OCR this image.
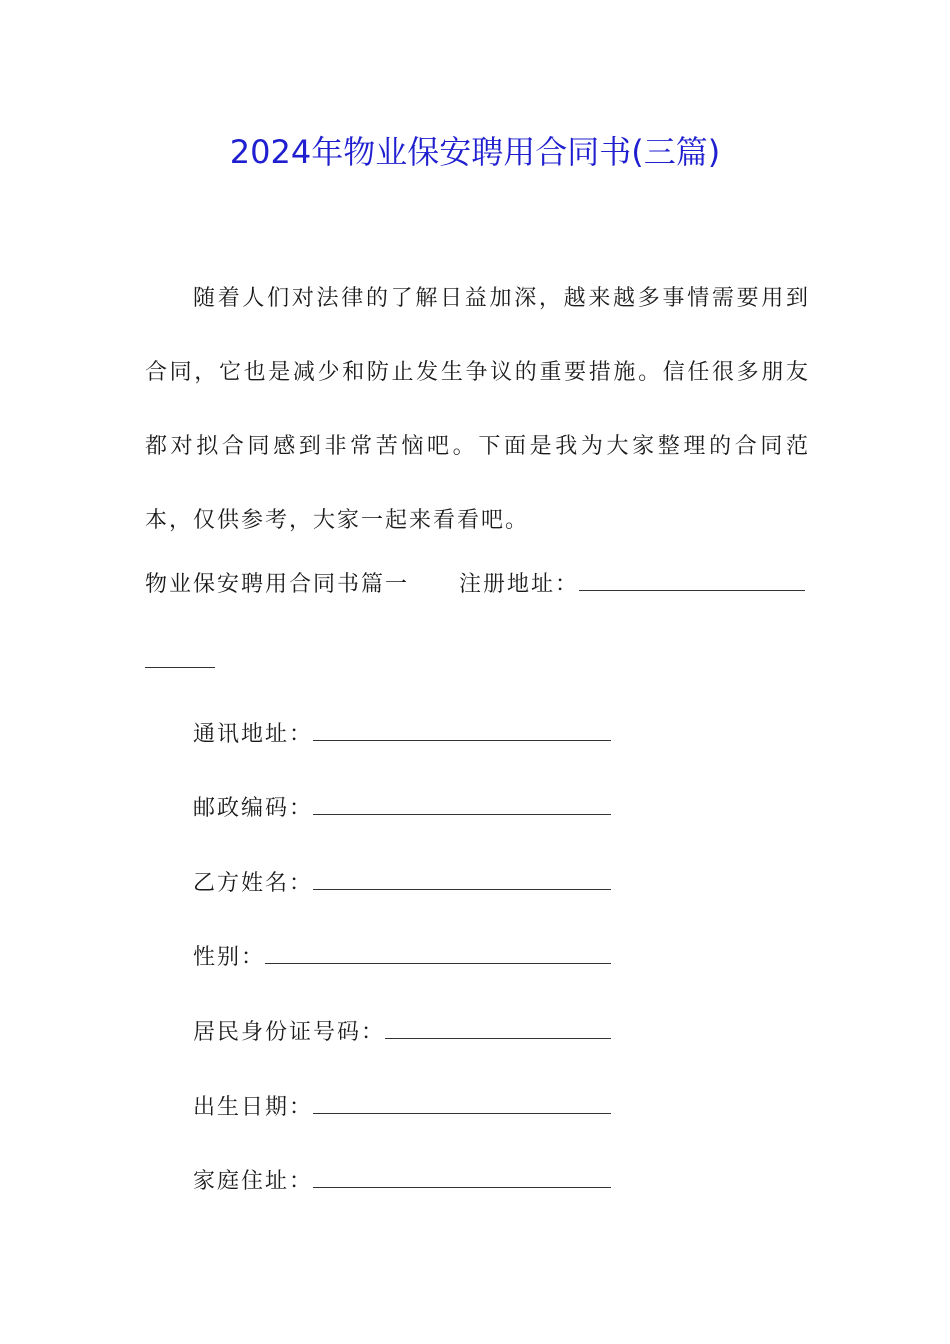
2024年物业保安聘用合同书(三篇)
随着人们对法律的了解日益加深，越来越多事情需要用到合同，它也是减少和防止发生争议的重要措施。信任很多朋友都对拟合同感到非常苦恼吧。下面是我为大家整理的合同范本，仅供参考，大家一起来看看吧。
物业保安聘用合同书篇一 注册地址：
通讯地址：
邮政编码：
乙方姓名：
性别：
居民身份证号码：
出生日期：
家庭住址：
